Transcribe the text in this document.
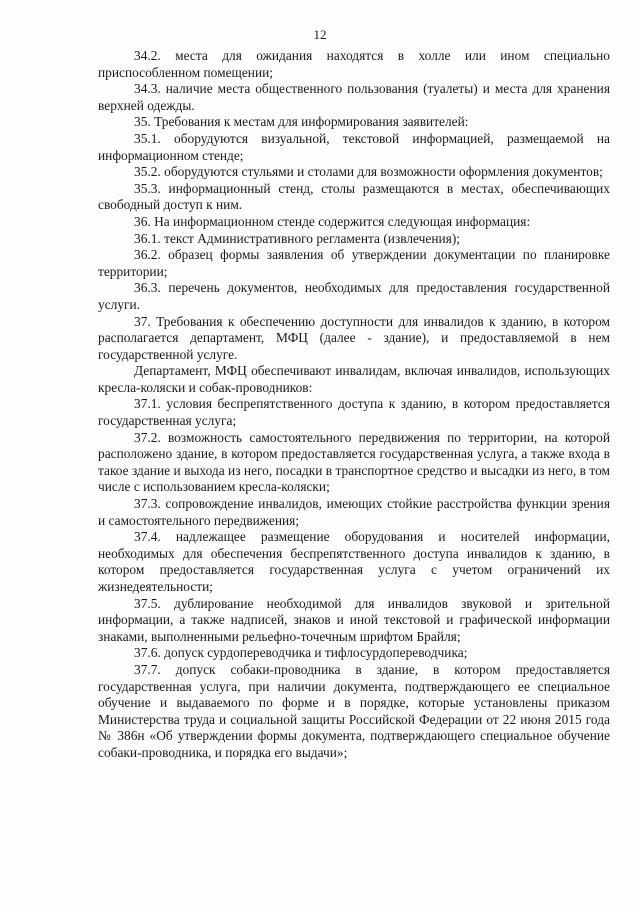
12

34.2. места для ожидания находятся в холле или ином специально приспособленном помещении;

34.3. наличие места общественного пользования (туалеты) и места для хранения верхней одежды.

35. Требования к местам для информирования заявителей:

35.1. оборудуются визуальной, текстовой информацией, размещаемой на информационном стенде;

35.2. оборудуются стульями и столами для возможности оформления документов;

35.3. информационный стенд, столы размещаются в местах, обеспечивающих свободный доступ к ним.

36. На информационном стенде содержится следующая информация:

36.1. текст Административного регламента (извлечения);

36.2. образец формы заявления об утверждении документации по планировке территории;

36.3. перечень документов, необходимых для предоставления государственной услуги.

37. Требования к обеспечению доступности для инвалидов к зданию, в котором располагается департамент, МФЦ (далее - здание), и предоставляемой в нем государственной услуге.

Департамент, МФЦ обеспечивают инвалидам, включая инвалидов, использующих кресла-коляски и собак-проводников:

37.1. условия беспрепятственного доступа к зданию, в котором предоставляется государственная услуга;

37.2. возможность самостоятельного передвижения по территории, на которой расположено здание, в котором предоставляется государственная услуга, а также входа в такое здание и выхода из него, посадки в транспортное средство и высадки из него, в том числе с использованием кресла-коляски;

37.3. сопровождение инвалидов, имеющих стойкие расстройства функции зрения и самостоятельного передвижения;

37.4. надлежащее размещение оборудования и носителей информации, необходимых для обеспечения беспрепятственного доступа инвалидов к зданию, в котором предоставляется государственная услуга с учетом ограничений их жизнедеятельности;

37.5. дублирование необходимой для инвалидов звуковой и зрительной информации, а также надписей, знаков и иной текстовой и графической информации знаками, выполненными рельефно-точечным шрифтом Брайля;

37.6. допуск сурдопереводчика и тифлосурдопереводчика;

37.7. допуск собаки-проводника в здание, в котором предоставляется государственная услуга, при наличии документа, подтверждающего ее специальное обучение и выдаваемого по форме и в порядке, которые установлены приказом Министерства труда и социальной защиты Российской Федерации от 22 июня 2015 года № 386н «Об утверждении формы документа, подтверждающего специальное обучение собаки-проводника, и порядка его выдачи»;
